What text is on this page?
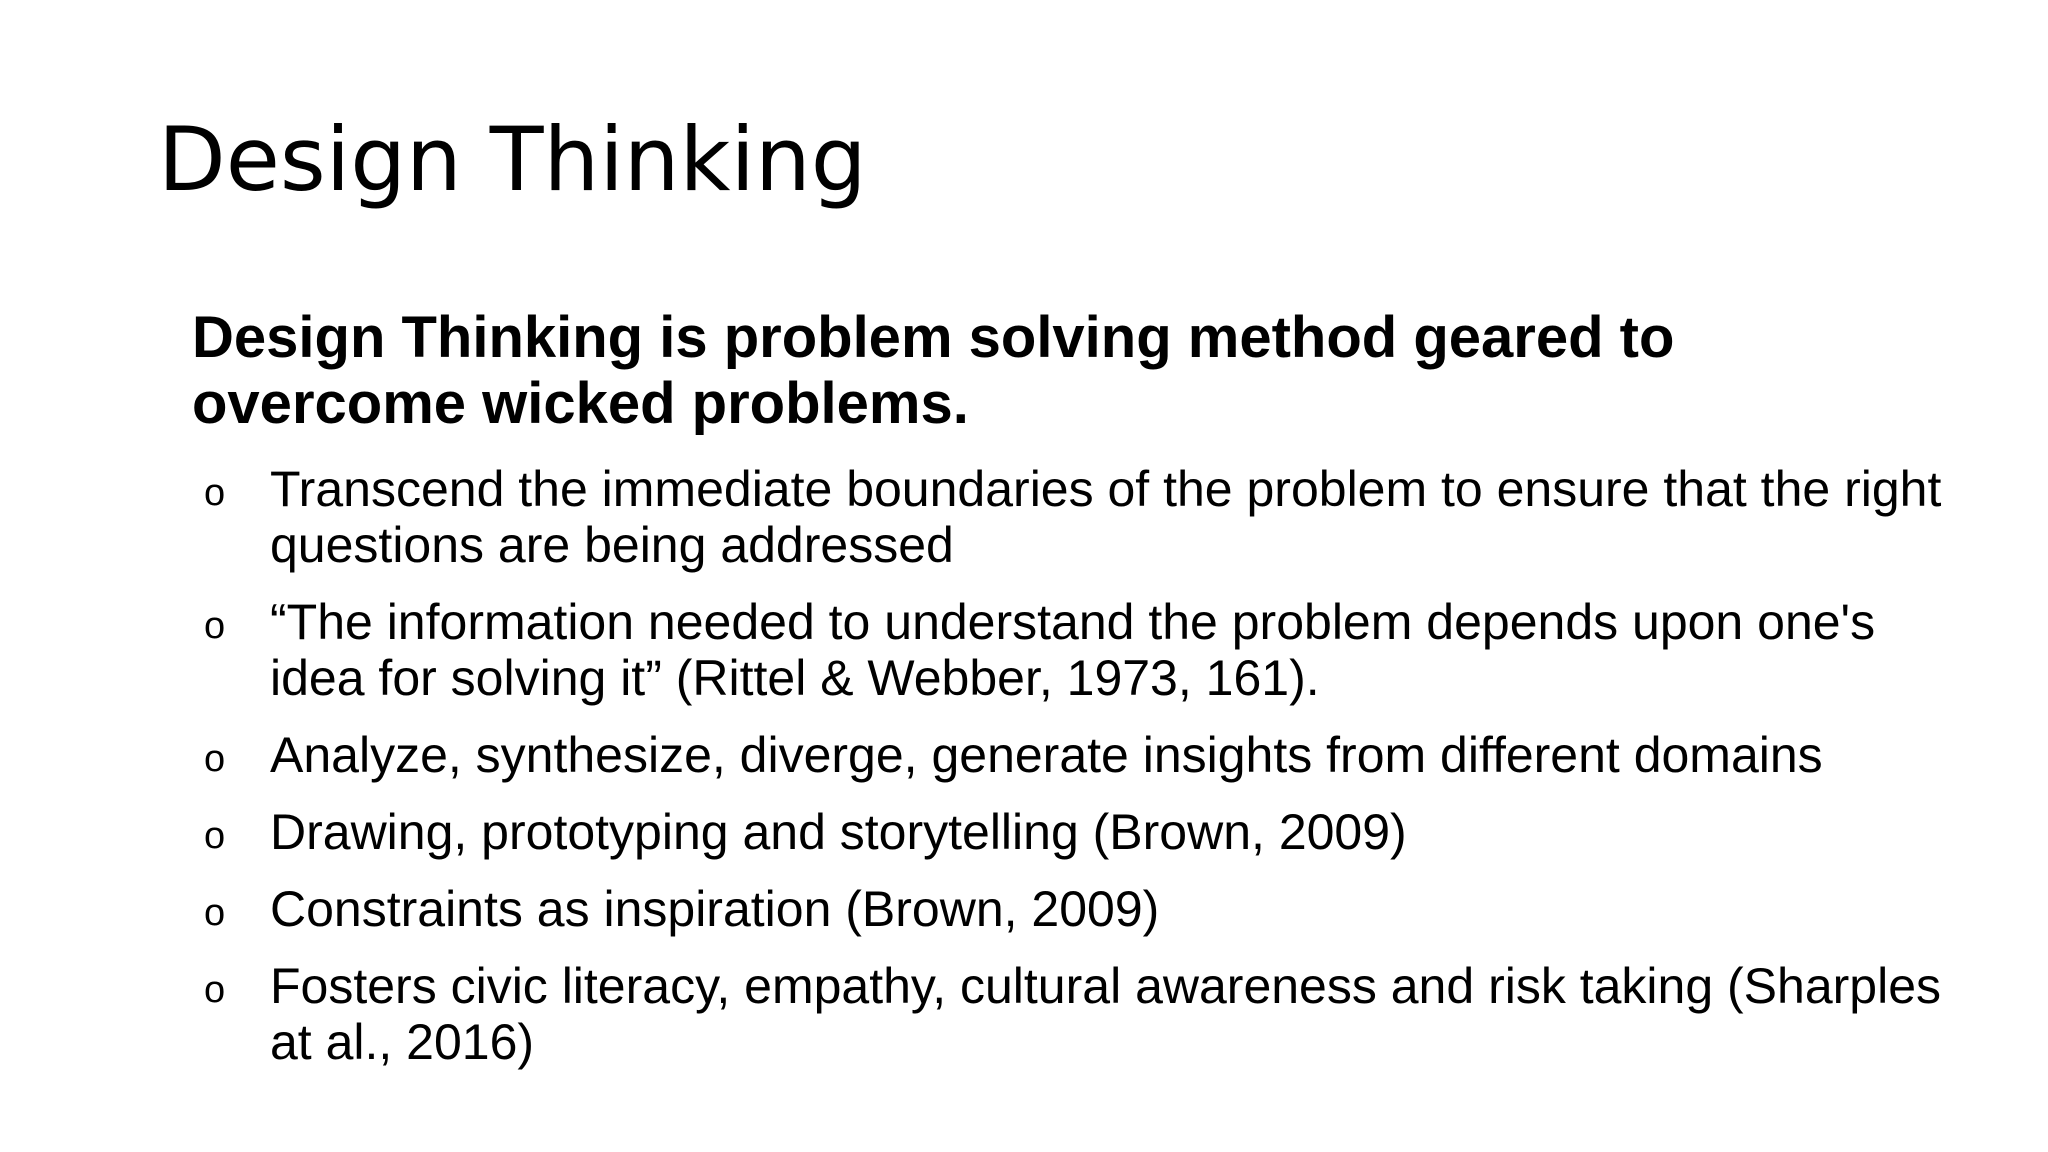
Design Thinking

Design Thinking is problem solving method geared to overcome wicked problems.

o Transcend the immediate boundaries of the problem to ensure that the right questions are being addressed
o “The information needed to understand the problem depends upon one's idea for solving it” (Rittel & Webber, 1973, 161).
o Analyze, synthesize, diverge, generate insights from different domains
o Drawing, prototyping and storytelling (Brown, 2009)
o Constraints as inspiration (Brown, 2009)
o Fosters civic literacy, empathy, cultural awareness and risk taking (Sharples at al., 2016)
